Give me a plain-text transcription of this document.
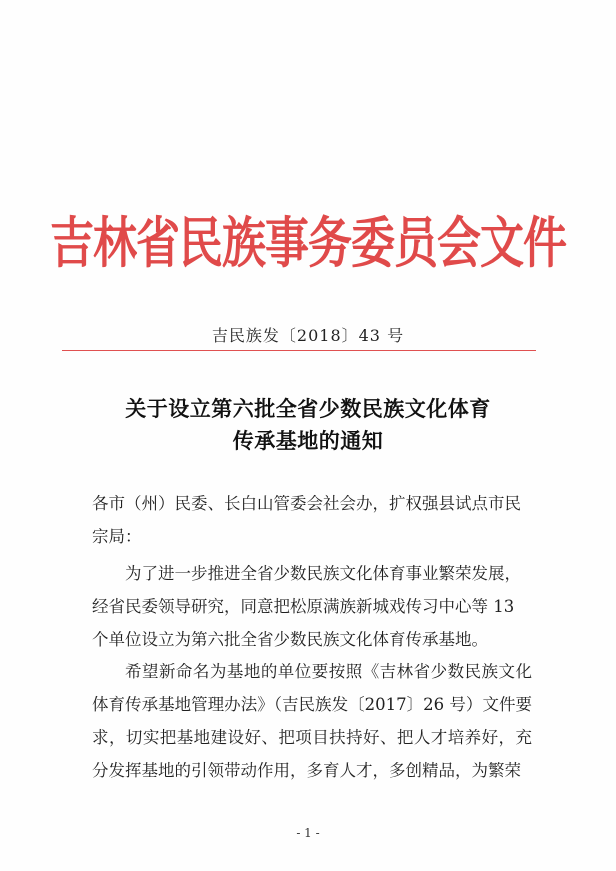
吉林省民族事务委员会文件
吉民族发〔2018〕43 号
关于设立第六批全省少数民族文化体育
传承基地的通知
各市（州）民委、长白山管委会社会办，扩权强县试点市民宗局：
为了进一步推进全省少数民族文化体育事业繁荣发展，经省民委领导研究，同意把松原满族新城戏传习中心等 13 个单位设立为第六批全省少数民族文化体育传承基地。
希望新命名为基地的单位要按照《吉林省少数民族文化体育传承基地管理办法》（吉民族发〔2017〕26 号）文件要求，切实把基地建设好、把项目扶持好、把人才培养好，充分发挥基地的引领带动作用，多育人才，多创精品，为繁荣
- 1 -
